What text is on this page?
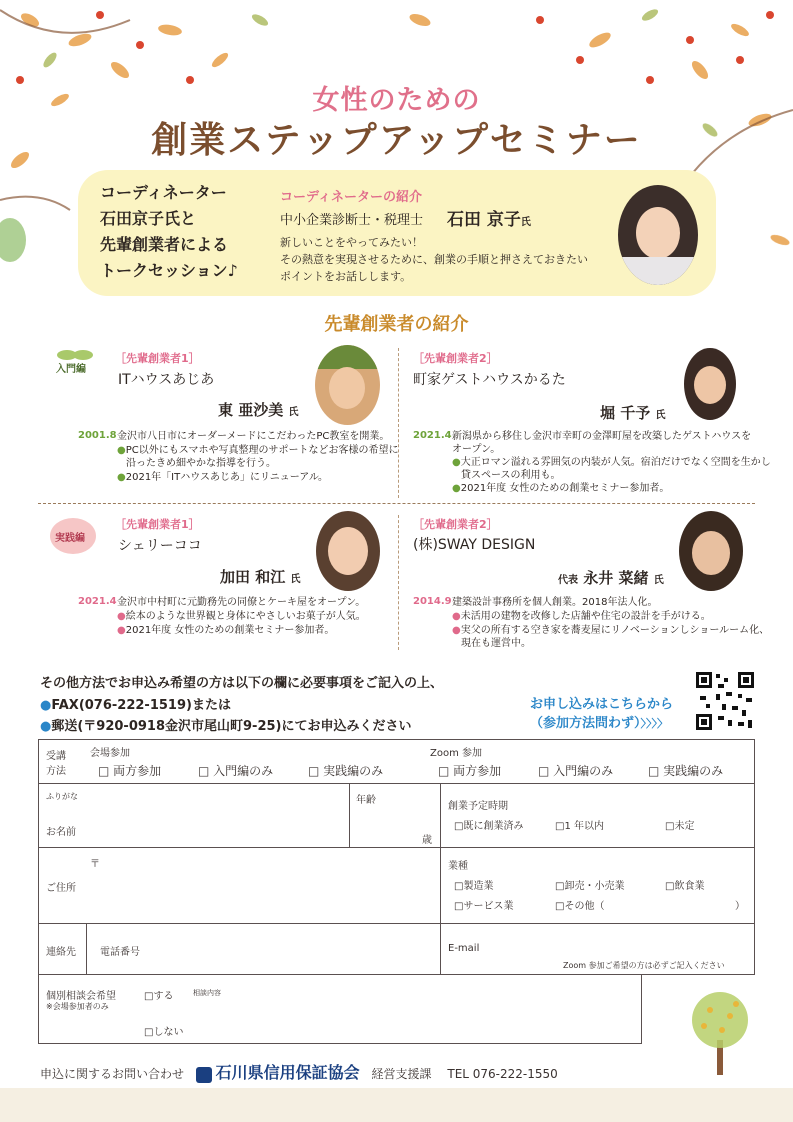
女性のための
創業ステップアップセミナー
コーディネーター
石田京子氏と
先輩創業者による
トークセッション♪
コーディネーターの紹介
中小企業診断士・税理士 石田 京子氏
新しいことをやってみたい！
その熱意を実現させるために、創業の手順と押さえておきたい
ポイントをお話しします。
先輩創業者の紹介
入門編
実践編
［先輩創業者1］
ITハウスあじあ
東 亜沙美 氏
2001.8 金沢市八日市にオーダーメードにこだわったPC教室を開業。
● PC以外にもスマホや写真整理のサポートなどお客様の希望に
沿ったきめ細やかな指導を行う。
● 2021年「ITハウスあじあ」にリニューアル。
［先輩創業者2］
町家ゲストハウスかるた
堀 千予 氏
2021.4 新潟県から移住し金沢市幸町の金澤町屋を改築したゲストハウスを
オープン。
● 大正ロマン溢れる雰囲気の内装が人気。宿泊だけでなく空間を生かし
貸スペースの利用も。
● 2021年度 女性のための創業セミナー参加者。
［先輩創業者1］
シェリーココ
加田 和江 氏
2021.4 金沢市中村町に元勤務先の同僚とケーキ屋をオープン。
● 絵本のような世界観と身体にやさしいお菓子が人気。
● 2021年度 女性のための創業セミナー参加者。
［先輩創業者2］
(株)SWAY DESIGN
代表 永井 菜緒 氏
2014.9 建築設計事務所を個人創業。2018年法人化。
● 未活用の建物を改修した店舗や住宅の設計を手がける。
● 実父の所有する空き家を蕎麦屋にリノベーションしショールーム化、
現在も運営中。
その他方法でお申込み希望の方は以下の欄に必要事項をご記入の上、
●FAX(076-222-1519)または
●郵送(〒920-0918金沢市尾山町9-25)にてお申込みください
お申し込みはこちらから
（参加方法問わず）〉〉〉〉
受講
方法
会場参加	Zoom 参加
□ 両方参加	□ 入門編のみ	□ 実践編のみ	□ 両方参加	□ 入門編のみ	□ 実践編のみ
ふりがな
お名前
年齢
歳
創業予定時期
□既に創業済み	□1 年以内	□未定
〒
ご住所
業種
□製造業	□卸売・小売業	□飲食業
□サービス業	□その他（	）
連絡先 電話番号	E-mail
Zoom 参加ご希望の方は必ずご記入ください
個別相談会希望
※会場参加者のみ
□する
□しない
相談内容
申込に関するお問い合わせ 石川県信用保証協会 経営支援課 TEL 076-222-1550
